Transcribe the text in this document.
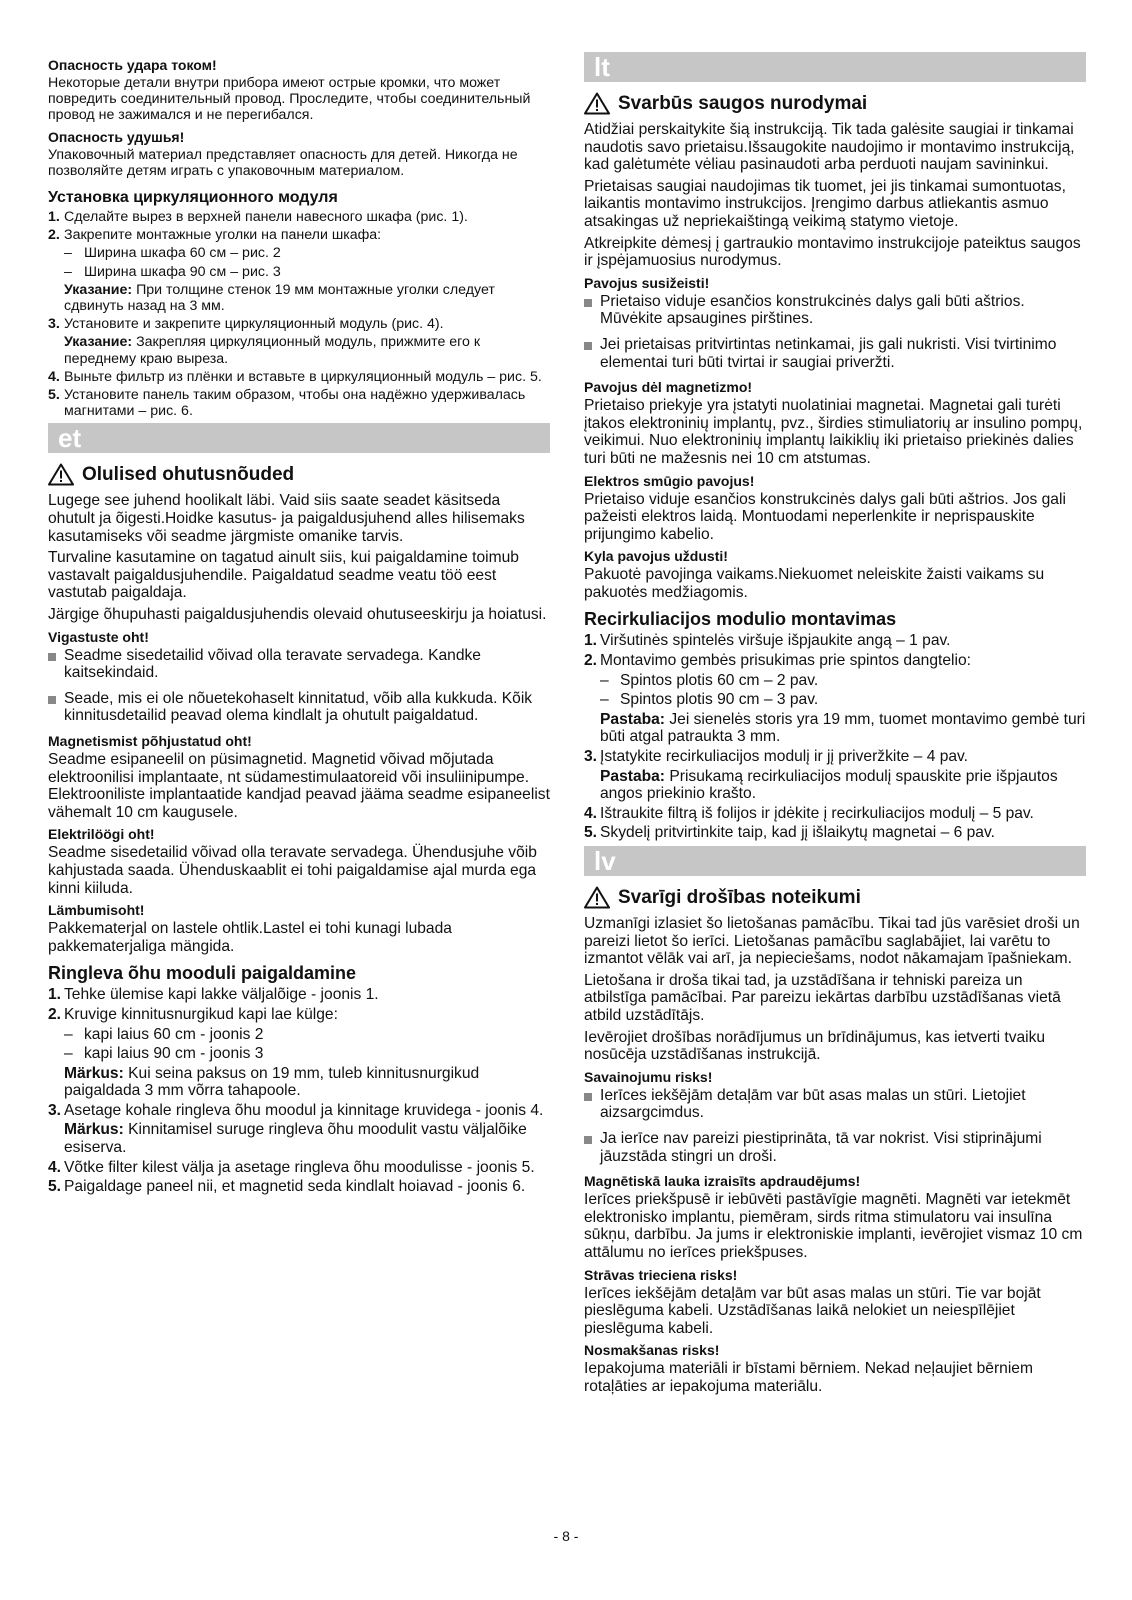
Опасность удара током!
Некоторые детали внутри прибора имеют острые кромки, что может повредить соединительный провод. Проследите, чтобы соединительный провод не зажимался и не перегибался.
Опасность удушья!
Упаковочный материал представляет опасность для детей. Никогда не позволяйте детям играть с упаковочным материалом.
Установка циркуляционного модуля
1. Сделайте вырез в верхней панели навесного шкафа (рис. 1).
2. Закрепите монтажные уголки на панели шкафа:
– Ширина шкафа 60 см – рис. 2
– Ширина шкафа 90 см – рис. 3
Указание: При толщине стенок 19 мм монтажные уголки следует сдвинуть назад на 3 мм.
3. Установите и закрепите циркуляционный модуль (рис. 4).
Указание: Закрепляя циркуляционный модуль, прижмите его к переднему краю выреза.
4. Выньте фильтр из плёнки и вставьте в циркуляционный модуль – рис. 5.
5. Установите панель таким образом, чтобы она надёжно удерживалась магнитами – рис. 6.
et
Olulised ohutusnõuded
Lugege see juhend hoolikalt läbi. Vaid siis saate seadet käsitseda ohutult ja õigesti.Hoidke kasutus- ja paigaldusjuhend alles hilisemaks kasutamiseks või seadme järgmiste omanike tarvis.
Turvaline kasutamine on tagatud ainult siis, kui paigaldamine toimub vastavalt paigaldusjuhendile. Paigaldatud seadme veatu töö eest vastutab paigaldaja.
Järgige õhupuhasti paigaldusjuhendis olevaid ohutuseeskirju ja hoiatusi.
Vigastuste oht!
Seadme sisedetailid võivad olla teravate servadega. Kandke kaitsekindaid.
Seade, mis ei ole nõuetekohaselt kinnitatud, võib alla kukkuda. Kõik kinnitusdetailid peavad olema kindlalt ja ohutult paigaldatud.
Magnetismist põhjustatud oht!
Seadme esipaneelil on püsimagnetid. Magnetid võivad mõjutada elektroonilisi implantaate, nt südamestimulaatoreid või insuliinipumpe. Elektrooniliste implantaatide kandjad peavad jääma seadme esipaneelist vähemalt 10 cm kaugusele.
Elektrilöögi oht!
Seadme sisedetailid võivad olla teravate servadega. Ühendusjuhe võib kahjustada saada. Ühenduskaablit ei tohi paigaldamise ajal murda ega kinni kiiluda.
Lämbumisoht!
Pakkematerjal on lastele ohtlik.Lastel ei tohi kunagi lubada pakkematerjaliga mängida.
Ringleva õhu mooduli paigaldamine
1. Tehke ülemise kapi lakke väljalõige - joonis 1.
2. Kruvige kinnitusnurgikud kapi lae külge:
– kapi laius 60 cm - joonis 2
– kapi laius 90 cm - joonis 3
Märkus: Kui seina paksus on 19 mm, tuleb kinnitusnurgikud paigaldada 3 mm võrra tahapoole.
3. Asetage kohale ringleva õhu moodul ja kinnitage kruvidega - joonis 4.
Märkus: Kinnitamisel suruge ringleva õhu moodulit vastu väljalõike esiserva.
4. Võtke filter kilest välja ja asetage ringleva õhu moodulisse - joonis 5.
5. Paigaldage paneel nii, et magnetid seda kindlalt hoiavad - joonis 6.
lt
Svarbūs saugos nurodymai
Atidžiai perskaitykite šią instrukciją. Tik tada galėsite saugiai ir tinkamai naudotis savo prietaisu.Išsaugokite naudojimo ir montavimo instrukciją, kad galėtumėte vėliau pasinaudoti arba perduoti naujam savininkui.
Prietaisas saugiai naudojimas tik tuomet, jei jis tinkamai sumontuotas, laikantis montavimo instrukcijos. Įrengimo darbus atliekantis asmuo atsakingas už nepriekaištingą veikimą statymo vietoje.
Atkreipkite dėmesį į gartraukio montavimo instrukcijoje pateiktus saugos ir įspėjamuosius nurodymus.
Pavojus susižeisti!
Prietaiso viduje esančios konstrukcinės dalys gali būti aštrios. Mūvėkite apsaugines pirštines.
Jei prietaisas pritvirtintas netinkamai, jis gali nukristi. Visi tvirtinimo elementai turi būti tvirtai ir saugiai priveržti.
Pavojus dėl magnetizmo!
Prietaiso priekyje yra įstatyti nuolatiniai magnetai. Magnetai gali turėti įtakos elektroninių implantų, pvz., širdies stimuliatorių ar insulino pompų, veikimui. Nuo elektroninių implantų laikiklių iki prietaiso priekinės dalies turi būti ne mažesnis nei 10 cm atstumas.
Elektros smūgio pavojus!
Prietaiso viduje esančios konstrukcinės dalys gali būti aštrios. Jos gali pažeisti elektros laidą. Montuodami neperlenkite ir neprispauskite prijungimo kabelio.
Kyla pavojus uždusti!
Pakuotė pavojinga vaikams.Niekuomet neleiskite žaisti vaikams su pakuotės medžiagomis.
Recirkuliacijos modulio montavimas
1. Viršutinės spintelės viršuje išpjaukite angą – 1 pav.
2. Montavimo gembės prisukimas prie spintos dangtelio:
– Spintos plotis 60 cm – 2 pav.
– Spintos plotis 90 cm – 3 pav.
Pastaba: Jei sienelės storis yra 19 mm, tuomet montavimo gembė turi būti atgal patraukta 3 mm.
3. Įstatykite recirkuliacijos modulį ir jį priveržkite – 4 pav.
Pastaba: Prisukamą recirkuliacijos modulį spauskite prie išpjautos angos priekinio krašto.
4. Ištraukite filtrą iš folijos ir įdėkite į recirkuliacijos modulį – 5 pav.
5. Skydelį pritvirtinkite taip, kad jį išlaikytų magnetai – 6 pav.
lv
Svarīgi drošības noteikumi
Uzmanīgi izlasiet šo lietošanas pamācību. Tikai tad jūs varēsiet droši un pareizi lietot šo ierīci. Lietošanas pamācību saglabājiet, lai varētu to izmantot vēlāk vai arī, ja nepieciešams, nodot nākamajam īpašniekam.
Lietošana ir droša tikai tad, ja uzstādīšana ir tehniski pareiza un atbilstīga pamācībai. Par pareizu iekārtas darbību uzstādīšanas vietā atbild uzstādītājs.
Ievērojiet drošības norādījumus un brīdinājumus, kas ietverti tvaiku nosūcēja uzstādīšanas instrukcijā.
Savainojumu risks!
Ierīces iekšējām detaļām var būt asas malas un stūri. Lietojiet aizsargcimdus.
Ja ierīce nav pareizi piestiprināta, tā var nokrist. Visi stiprinājumi jāuzstāda stingri un droši.
Magnētiskā lauka izraisīts apdraudējums!
Ierīces priekšpusē ir iebūvēti pastāvīgie magnēti. Magnēti var ietekmēt elektronisko implantu, piemēram, sirds ritma stimulatoru vai insulīna sūkņu, darbību. Ja jums ir elektroniskie implanti, ievērojiet vismaz 10 cm attālumu no ierīces priekšpuses.
Strāvas trieciena risks!
Ierīces iekšējām detaļām var būt asas malas un stūri. Tie var bojāt pieslēguma kabeli. Uzstādīšanas laikā nelokiet un neiespīlējiet pieslēguma kabeli.
Nosmakšanas risks!
Iepakojuma materiāli ir bīstami bērniem. Nekad neļaujiet bērniem rotaļāties ar iepakojuma materiālu.
- 8 -
